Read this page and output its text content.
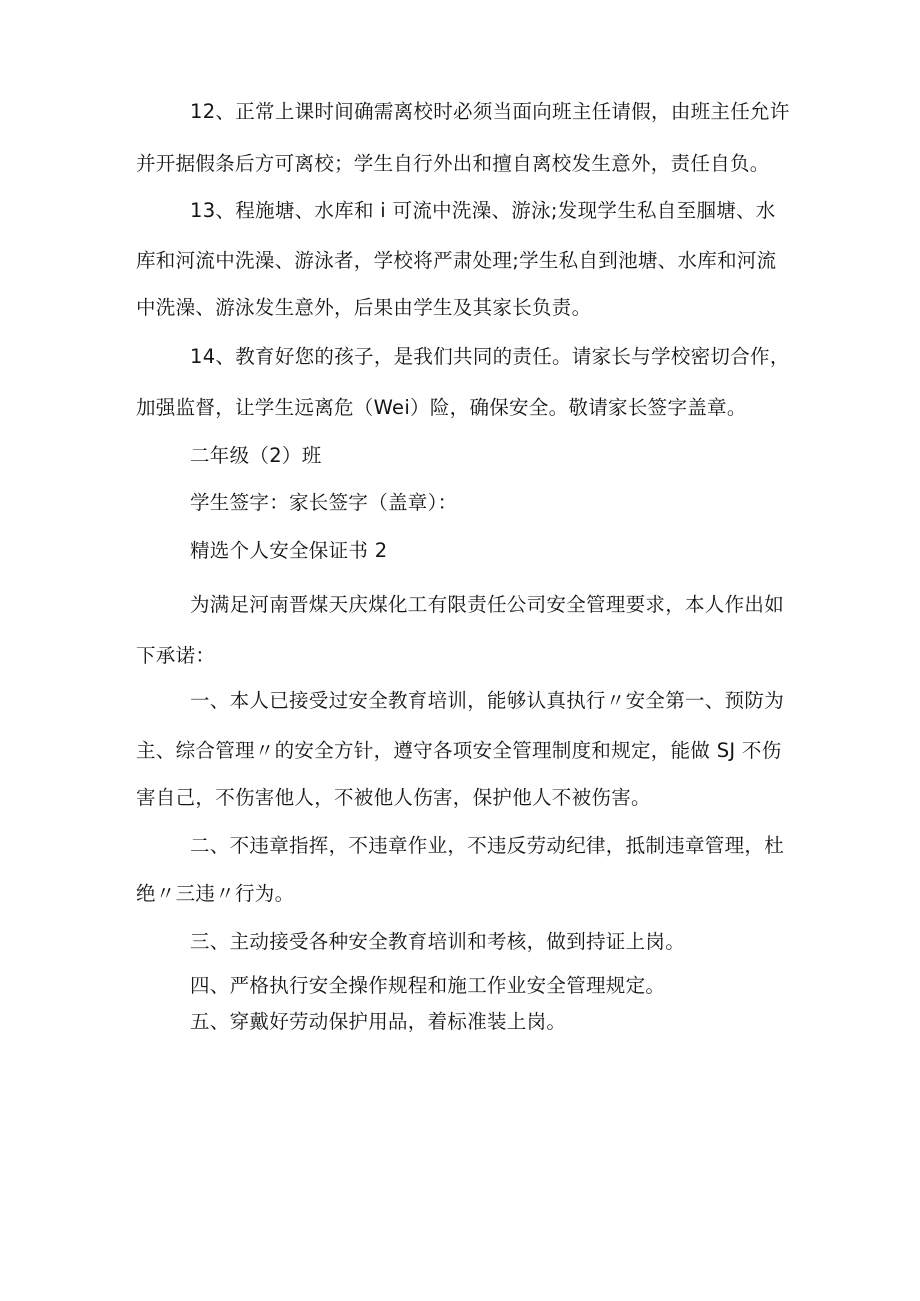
12、正常上课时间确需离校时必须当面向班主任请假，由班主任允许
并开据假条后方可离校；学生自行外出和擅自离校发生意外，责任自负。
13、程施塘、水库和 i 可流中洗澡、游泳;发现学生私自至腘塘、水
库和河流中洗澡、游泳者，学校将严肃处理;学生私自到池塘、水库和河流
中洗澡、游泳发生意外，后果由学生及其家长负责。
14、教育好您的孩子，是我们共同的责任。请家长与学校密切合作，
加强监督，让学生远离危（Wei）险，确保安全。敬请家长签字盖章。
二年级（2）班
学生签字：家长签字（盖章）：
精选个人安全保证书 2
为满足河南晋煤天庆煤化工有限责任公司安全管理要求，本人作出如
下承诺：
一、本人已接受过安全教育培训，能够认真执行〃安全第一、预防为
主、综合管理〃的安全方针，遵守各项安全管理制度和规定，能做 SJ 不伤
害自己，不伤害他人，不被他人伤害，保护他人不被伤害。
二、不违章指挥，不违章作业，不违反劳动纪律，抵制违章管理，杜
绝〃三违〃行为。
三、主动接受各种安全教育培训和考核，做到持证上岗。
四、严格执行安全操作规程和施工作业安全管理规定。
五、穿戴好劳动保护用品，着标准装上岗。
